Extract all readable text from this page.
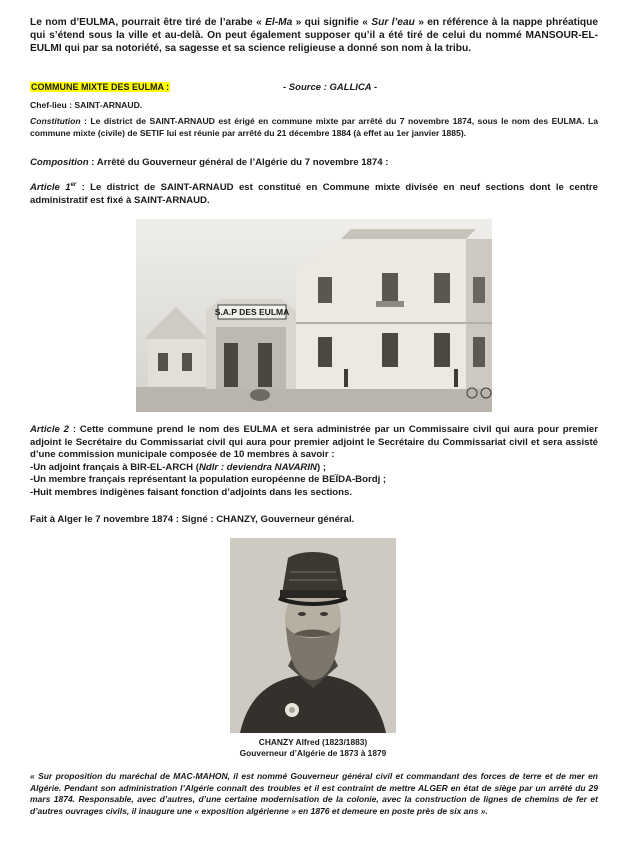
Le nom d’EULMA, pourrait être tiré de l’arabe « El-Ma » qui signifie « Sur l’eau » en référence à la nappe phréatique qui s’étend sous la ville et au-delà. On peut également supposer qu’il a été tiré de celui du nommé MANSOUR-EL-EULMI qui par sa notoriété, sa sagesse et sa science religieuse a donné son nom à la tribu.
COMMUNE MIXTE DES EULMA :	- Source : GALLICA -
Chef-lieu : SAINT-ARNAUD.
Constitution : Le district de SAINT-ARNAUD est érigé en commune mixte par arrêté du 7 novembre 1874, sous le nom des EULMA. La commune mixte (civile) de SETIF lui est réunie par arrêté du 21 décembre 1884 (à effet au 1er janvier 1885).
Composition : Arrêté du Gouverneur général de l’Algérie du 7 novembre 1874 :
Article 1er : Le district de SAINT-ARNAUD est constitué en Commune mixte divisée en neuf sections dont le centre administratif est fixé à SAINT-ARNAUD.
S.A.P DES EULMA
Article 2 : Cette commune prend le nom des EULMA et sera administrée par un Commissaire civil qui aura pour premier adjoint le Secrétaire du Commissariat civil qui aura pour premier adjoint le Secrétaire du Commissariat civil et sera assisté d’une commission municipale composée de 10 membres à savoir :
-Un adjoint français à BIR-EL-ARCH (Ndlr : deviendra NAVARIN) ;
-Un membre français représentant la population européenne de BEÏDA-Bordj ;
-Huit membres indigènes faisant fonction d’adjoints dans les sections.
Fait à Alger le 7 novembre 1874 : Signé : CHANZY, Gouverneur général.
CHANZY Alfred (1823/1883)
Gouverneur d’Algérie de 1873 à 1879
« Sur proposition du maréchal de MAC-MAHON, il est nommé Gouverneur général civil et commandant des forces de terre et de mer en Algérie. Pendant son administration l’Algérie connaît des troubles et il est contraint de mettre ALGER en état de siège par un arrêté du 29 mars 1874. Responsable, avec d’autres, d’une certaine modernisation de la colonie, avec la construction de lignes de chemins de fer et d’autres ouvrages civils, il inaugure une « exposition algérienne » en 1876 et demeure en poste près de six ans ».
